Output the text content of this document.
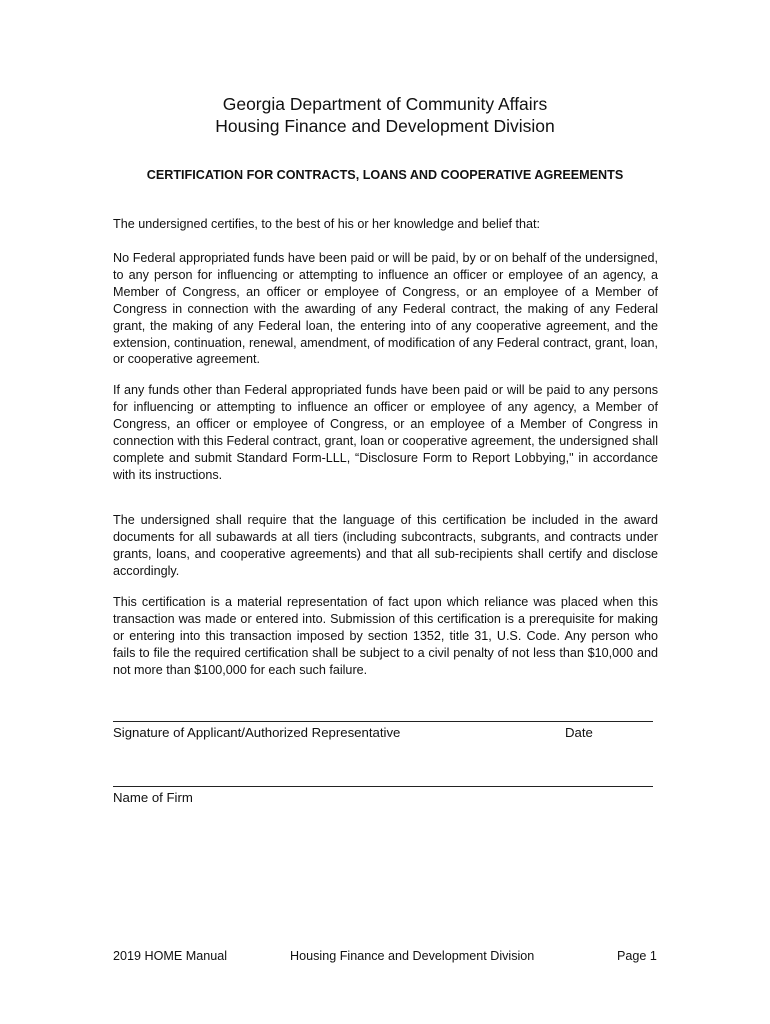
Georgia Department of Community Affairs
Housing Finance and Development Division
CERTIFICATION FOR CONTRACTS, LOANS AND COOPERATIVE AGREEMENTS

The undersigned certifies, to the best of his or her knowledge and belief that:

No Federal appropriated funds have been paid or will be paid, by or on behalf of the undersigned, to any person for influencing or attempting to influence an officer or employee of an agency, a Member of Congress, an officer or employee of Congress, or an employee of a Member of Congress in connection with the awarding of any Federal contract, the making of any Federal grant, the making of any Federal loan, the entering into of any cooperative agreement, and the extension, continuation, renewal, amendment, of modification of any Federal contract, grant, loan, or cooperative agreement.

If any funds other than Federal appropriated funds have been paid or will be paid to any persons for influencing or attempting to influence an officer or employee of any agency, a Member of Congress, an officer or employee of Congress, or an employee of a Member of Congress in connection with this Federal contract, grant, loan or cooperative agreement, the undersigned shall complete and submit Standard Form-LLL, “Disclosure Form to Report Lobbying," in accordance with its instructions.

The undersigned shall require that the language of this certification be included in the award documents for all subawards at all tiers (including subcontracts, subgrants, and contracts under grants, loans, and cooperative agreements) and that all sub-recipients shall certify and disclose accordingly.

This certification is a material representation of fact upon which reliance was placed when this transaction was made or entered into. Submission of this certification is a prerequisite for making or entering into this transaction imposed by section 1352, title 31, U.S. Code. Any person who fails to file the required certification shall be subject to a civil penalty of not less than $10,000 and not more than $100,000 for each such failure.

Signature of Applicant/Authorized Representative	Date
Name of Firm
2019 HOME Manual	Housing Finance and Development Division	Page 1
